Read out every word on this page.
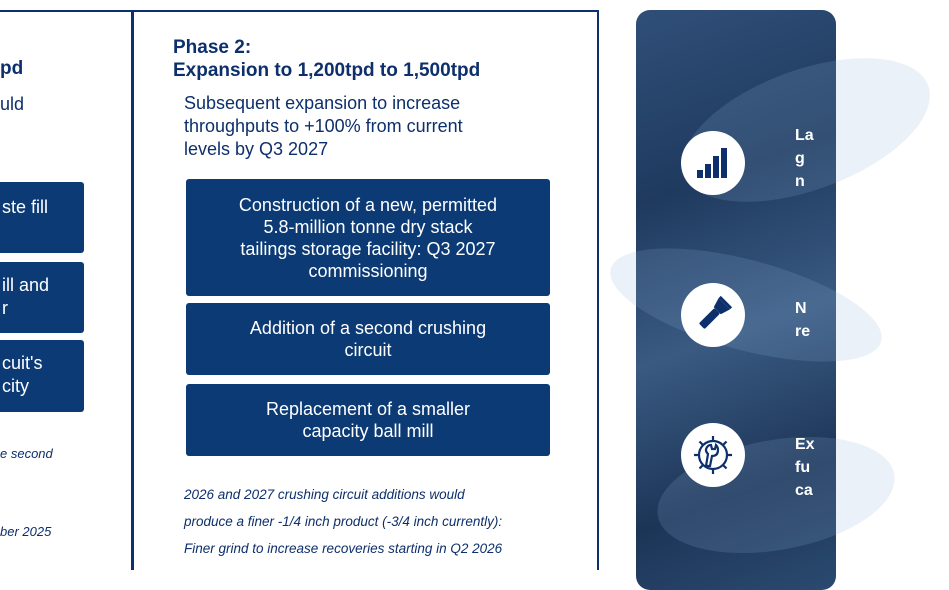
pd
uld
ste fill
ill and
r
cuit's
city
e second
ber 2025
Phase 2:
Expansion to 1,200tpd to 1,500tpd
Subsequent expansion to increase
throughputs to +100% from current
levels by Q3 2027
Construction of a new, permitted
5.8-million tonne dry stack
tailings storage facility: Q3 2027
commissioning
Addition of a second crushing
circuit
Replacement of a smaller
capacity ball mill
2026 and 2027 crushing circuit additions would
produce a finer -1/4 inch product (-3/4 inch currently):
Finer grind to increase recoveries starting in Q2 2026
La
g
n
N
re
Ex
fu
ca
